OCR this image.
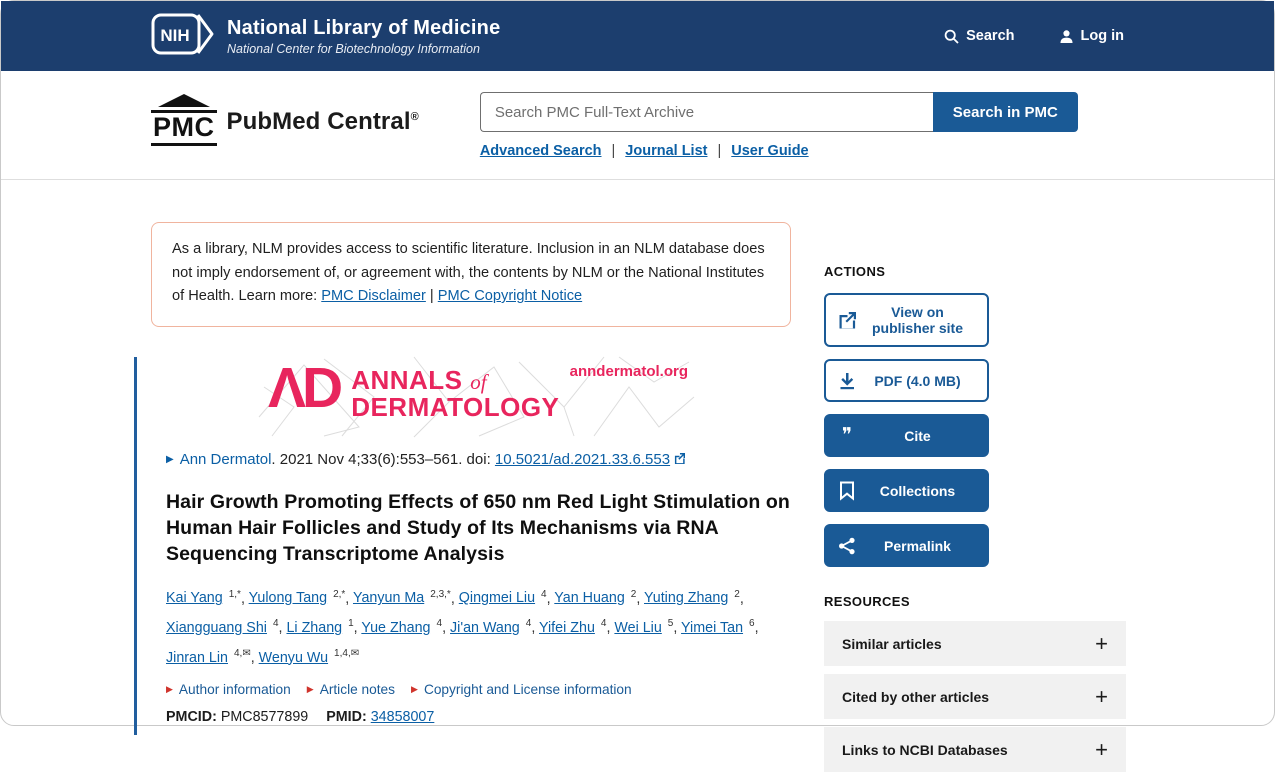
NIH National Library of Medicine
National Center for Biotechnology Information
Search	Log in
PMC PubMed Central®
Search PMC Full-Text Archive	Search in PMC
Advanced Search | Journal List | User Guide
As a library, NLM provides access to scientific literature. Inclusion in an NLM database does not imply endorsement of, or agreement with, the contents by NLM or the National Institutes of Health. Learn more: PMC Disclaimer | PMC Copyright Notice
ΛD ANNALS of
DERMATOLOGY
anndermatol.org
▶ Ann Dermatol . 2021 Nov 4;33(6):553–561. doi: 10.5021/ad.2021.33.6.553
Hair Growth Promoting Effects of 650 nm Red Light Stimulation on Human Hair Follicles and Study of Its Mechanisms via RNA Sequencing Transcriptome Analysis
Kai Yang $^{1,*}$, Yulong Tang $^{2,*}$, Yanyun Ma $^{2,3,*}$, Qingmei Liu $^4$, Yan Huang $^2$, Yuting Zhang $^2$, Xiangguang Shi $^4$, Li Zhang $^1$, Yue Zhang $^4$, Ji'an Wang $^4$, Yifei Zhu $^4$, Wei Liu $^5$, Yimei Tan $^6$, Jinran Lin $^{4,✉}$, Wenyu Wu $^{1,4,✉}$
▶ Author information ▶ Article notes ▶ Copyright and License information
PMCID: PMC8577899 PMID: 34858007
ACTIONS
View on publisher site
PDF (4.0 MB)
❞	Cite
Collections
Permalink
RESOURCES
Similar articles	+
Cited by other articles	+
Links to NCBI Databases	+
